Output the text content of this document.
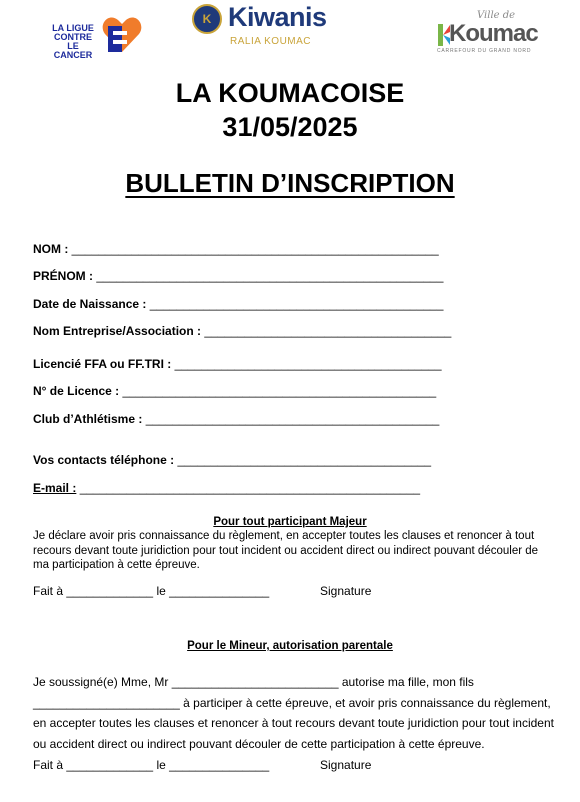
LA LIGUE
CONTRE
LE CANCER
K Kiwanis
RALIA KOUMAC
Ville de
Koumac
CARREFOUR DU GRAND NORD
LA KOUMACOISE
31/05/2025
BULLETIN D’INSCRIPTION
NOM : _______________________________________________________
PRÉNOM : ____________________________________________________
Date de Naissance : ____________________________________________
Nom Entreprise/Association : _____________________________________
Licencié FFA ou FF.TRI : ________________________________________
N° de Licence : _______________________________________________
Club d’Athlétisme : ____________________________________________
Vos contacts téléphone : ______________________________________
E-mail : ___________________________________________________
Pour tout participant Majeur
Je déclare avoir pris connaissance du règlement, en accepter toutes les clauses et renoncer à tout recours devant toute juridiction pour tout incident ou accident direct ou indirect pouvant découler de ma participation à cette épreuve.
Fait à _____________ le _______________	Signature
Pour le Mineur, autorisation parentale
Je soussigné(e) Mme, Mr _________________________ autorise ma fille, mon fils
______________________ à participer à cette épreuve, et avoir pris connaissance du règlement,
en accepter toutes les clauses et renoncer à tout recours devant toute juridiction pour tout incident
ou accident direct ou indirect pouvant découler de cette participation à cette épreuve.
Fait à _____________ le _______________	Signature
